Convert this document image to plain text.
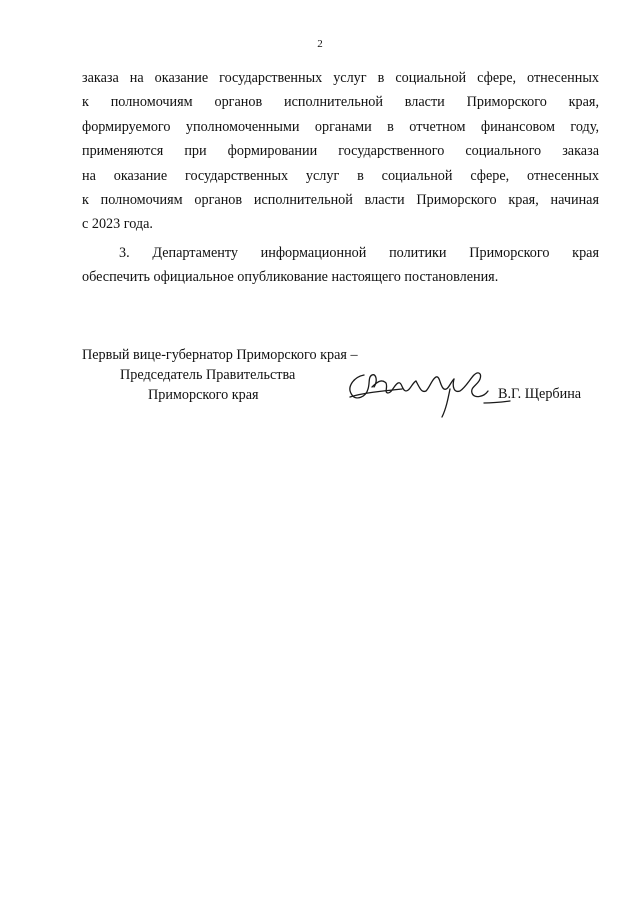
2
заказа на оказание государственных услуг в социальной сфере, отнесенных
к полномочиям органов исполнительной власти Приморского края,
формируемого уполномоченными органами в отчетном финансовом году,
применяются при формировании государственного социального заказа
на оказание государственных услуг в социальной сфере, отнесенных
к полномочиям органов исполнительной власти Приморского края, начиная
с 2023 года.
3. Департаменту информационной политики Приморского края
обеспечить официальное опубликование настоящего постановления.
Первый вице-губернатор Приморского края –
Председатель Правительства
Приморского края	В.Г. Щербина
